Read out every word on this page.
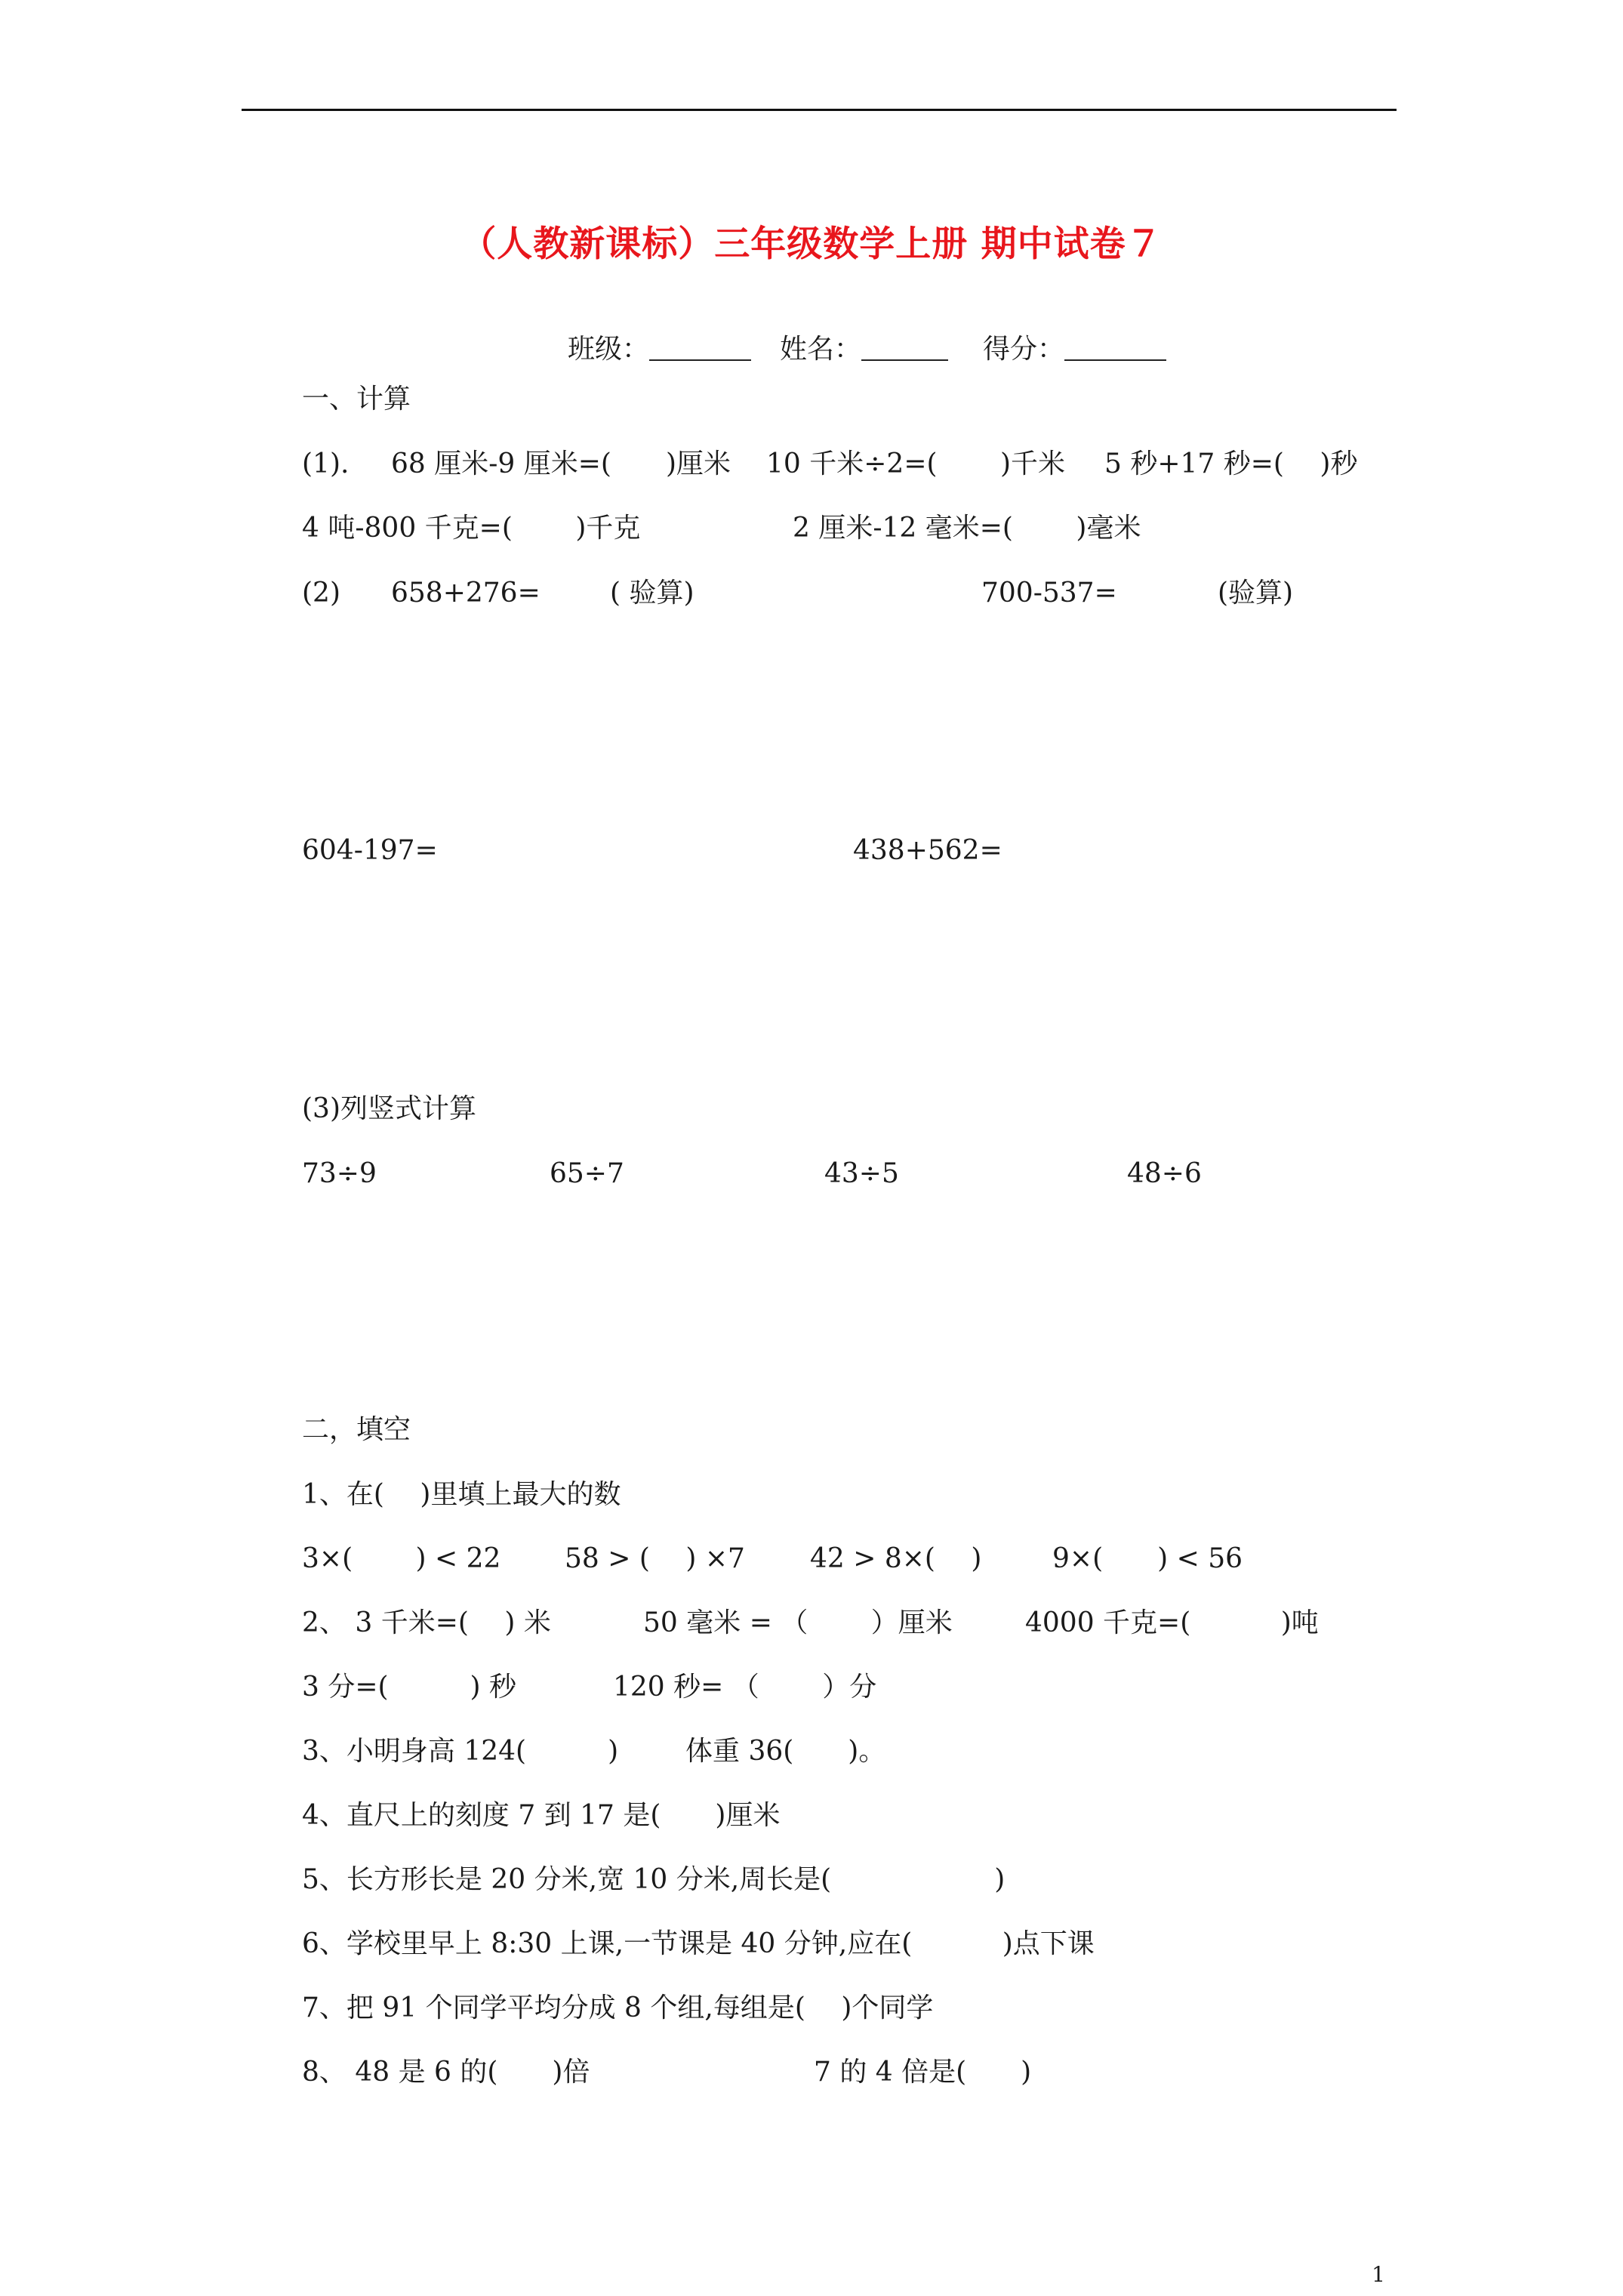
（人教新课标）三年级数学上册 期中试卷７
班级：	姓名：	得分：
一、计算
(1). 68 厘米-9 厘米=(　　)厘米 10 千米÷2=(　　 )千米 5 秒+17 秒=(　 )秒
4 吨-800 千克=(　　 )千克	2 厘米-12 毫米=(　　 )毫米
(2) 658+276=	( 验算)	700-537=	(验算)
604-197=	438+562=
(3)列竖式计算
73÷9	65÷7	43÷5	48÷6
二，填空
1、在(　 )里填上最大的数
3×(　　 ) < 22 58 > (　 ) ×7 42 > 8×(　 )	9×(　　) < 56
2、 3 千米=(　 ) 米	50 毫米 = （　　 ）厘米	4000 千克=(　　　 )吨
3 分=(　　　) 秒	120 秒= （　　 ）分
3、小明身高 124(　　　) 体重 36(　　)。
4、直尺上的刻度 7 到 17 是(　　)厘米
5、长方形长是 20 分米,宽 10 分米,周长是(　　　　　　)
6、学校里早上 8:30 上课,一节课是 40 分钟,应在(　　　 )点下课
7、把 91 个同学平均分成 8 个组,每组是(　 )个同学
8、 48 是 6 的(　　)倍	7 的 4 倍是(　　)
1
